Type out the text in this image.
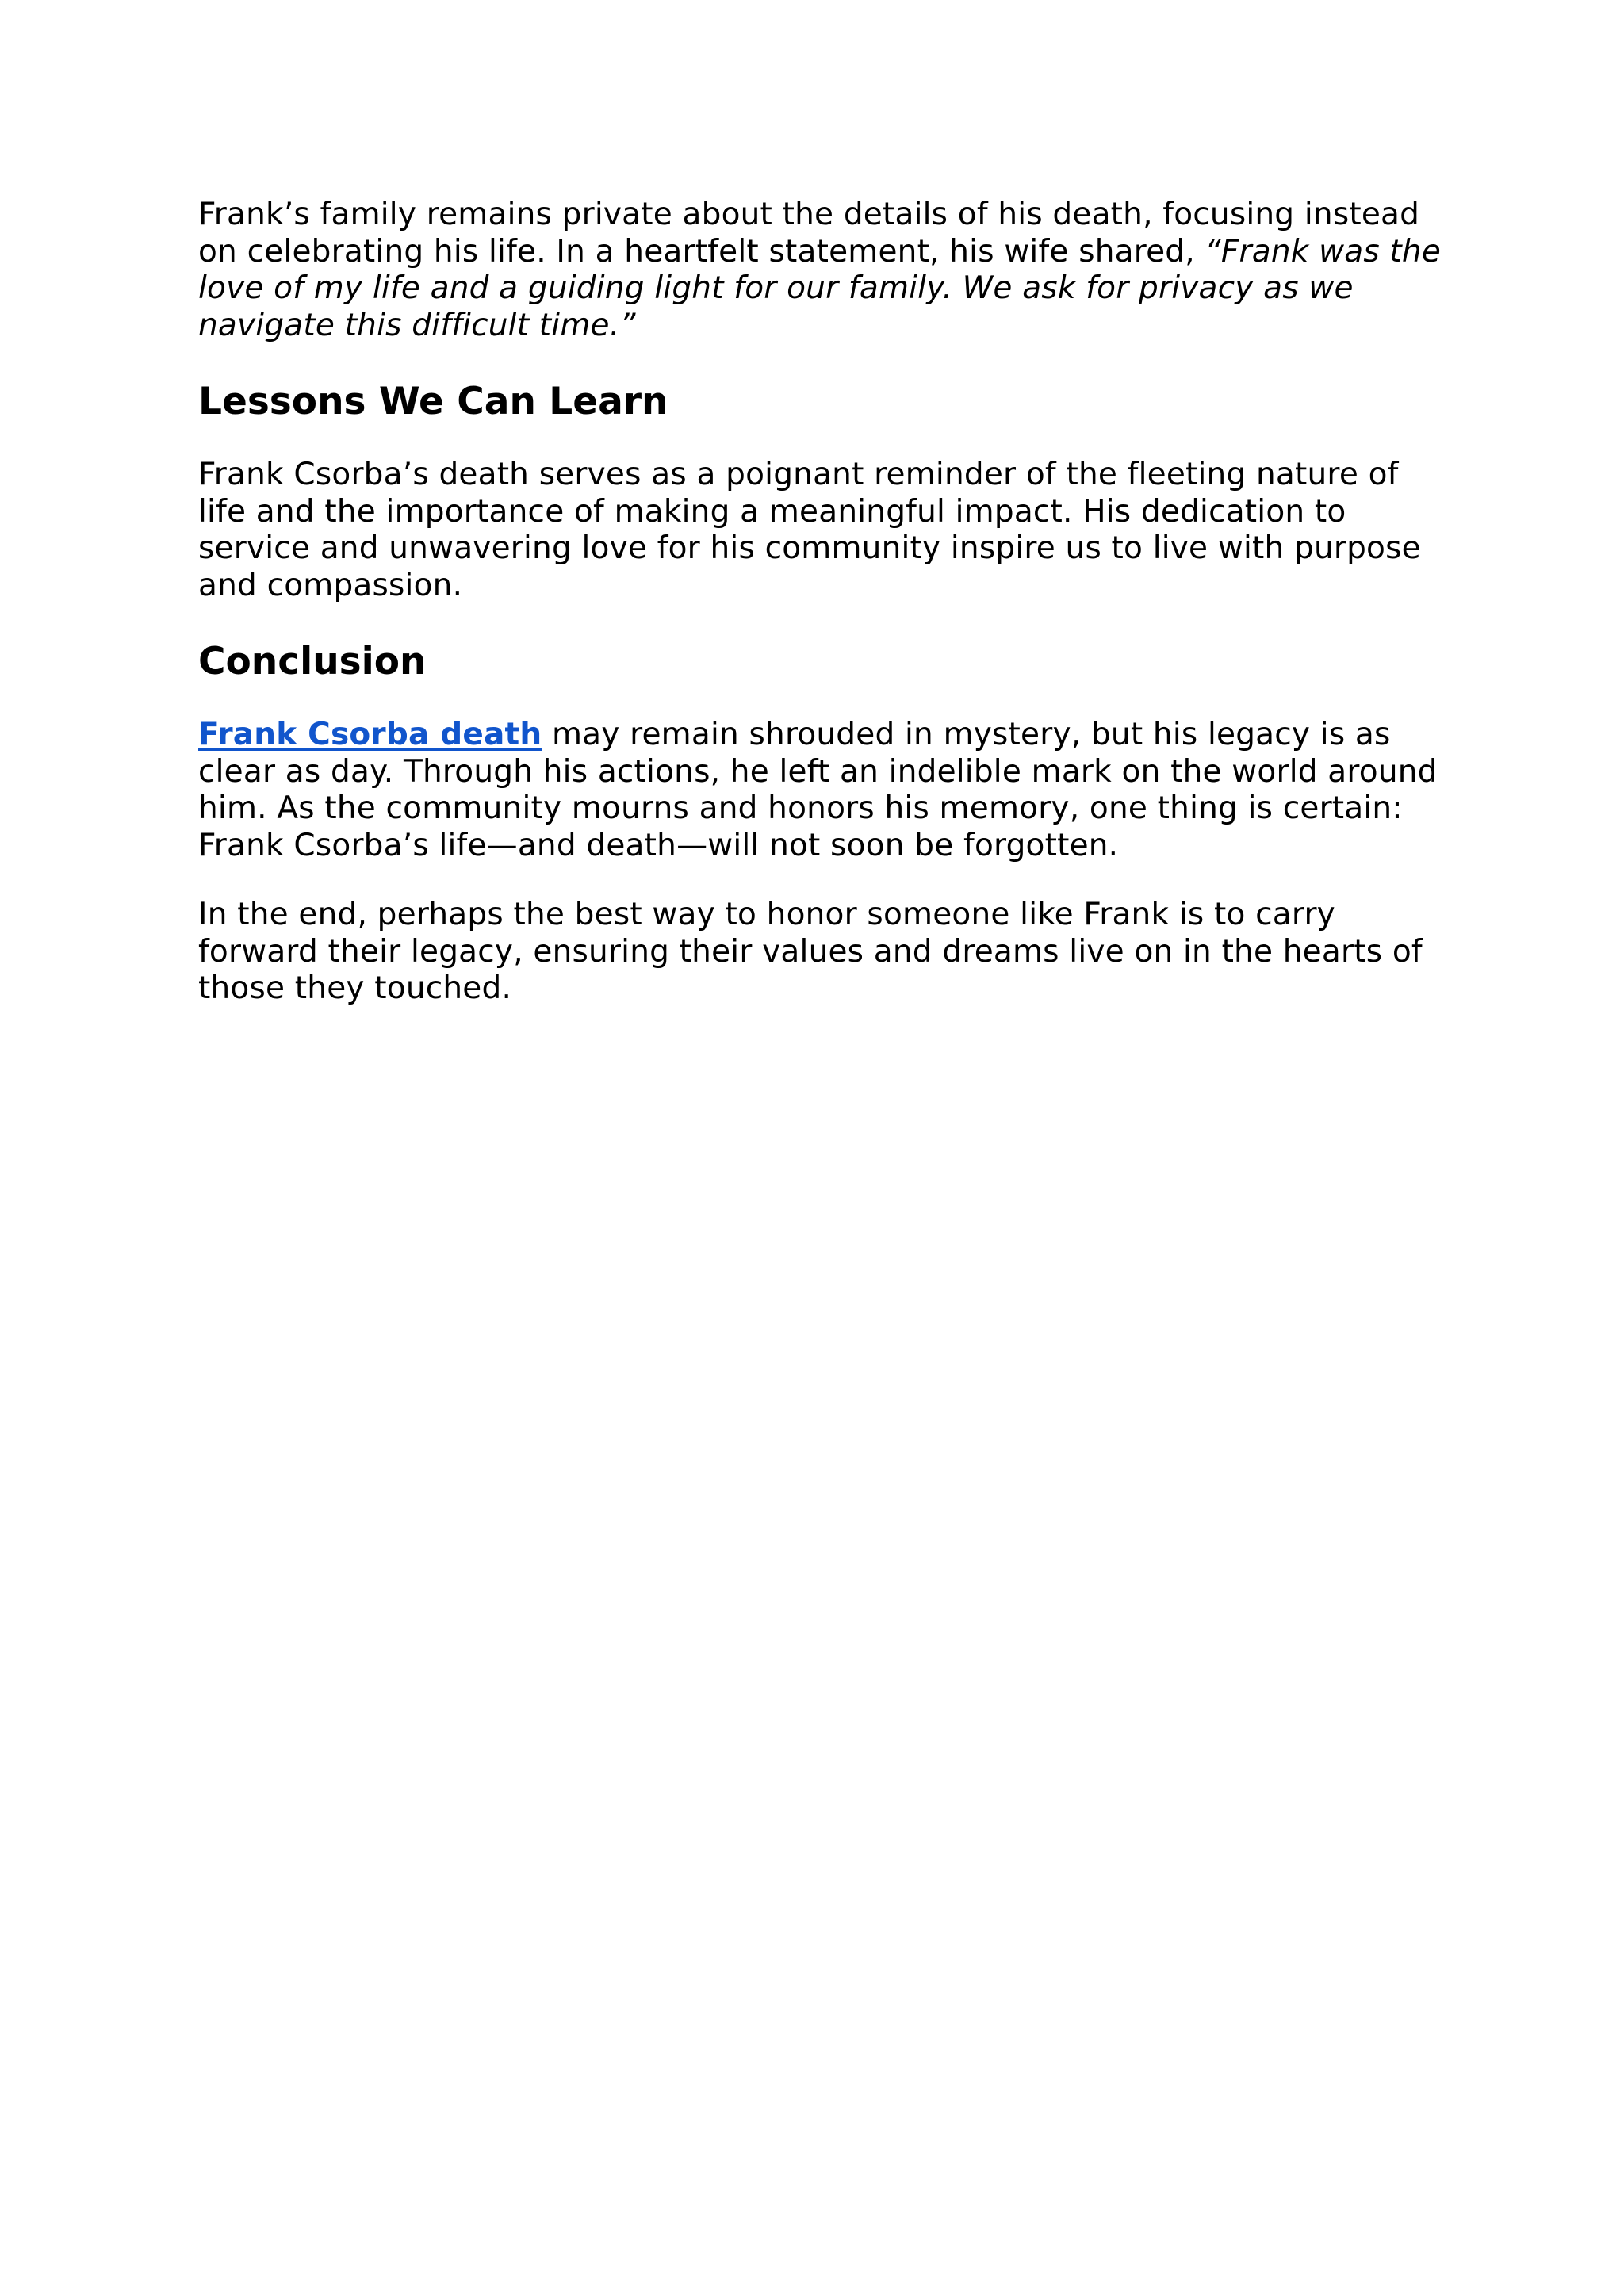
Frank’s family remains private about the details of his death, focusing instead on celebrating his life. In a heartfelt statement, his wife shared, “Frank was the love of my life and a guiding light for our family. We ask for privacy as we navigate this difficult time.”

Lessons We Can Learn

Frank Csorba’s death serves as a poignant reminder of the fleeting nature of life and the importance of making a meaningful impact. His dedication to service and unwavering love for his community inspire us to live with purpose and compassion.

Conclusion

Frank Csorba death may remain shrouded in mystery, but his legacy is as clear as day. Through his actions, he left an indelible mark on the world around him. As the community mourns and honors his memory, one thing is certain: Frank Csorba’s life—and death—will not soon be forgotten.

In the end, perhaps the best way to honor someone like Frank is to carry forward their legacy, ensuring their values and dreams live on in the hearts of those they touched.
